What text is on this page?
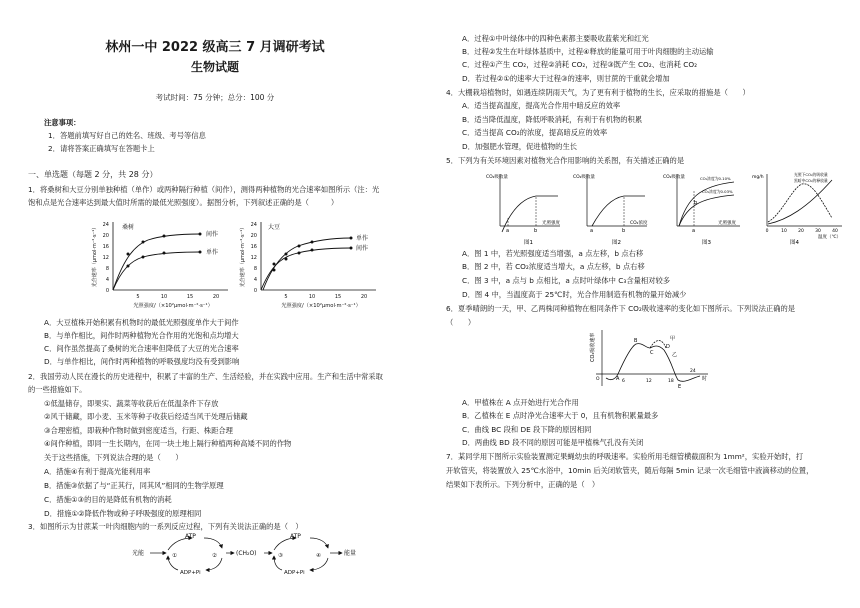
林州一中 2022 级高三 7 月调研考试
生物试题
考试时间：75 分钟；总分：100 分
注意事项：
1．答题前填写好自己的姓名、班级、考号等信息
2．请将答案正确填写在答题卡上
一、单选题（每题 2 分，共 28 分）
1．将桑树和大豆分别单独种植（单作）或两种隔行种植（间作），测得两种植物的光合速率如图所示（注：光
饱和点是光合速率达到最大值时所需的最低光照强度）。据图分析，下列叙述正确的是（　　　）
0
4
8
12
16
20
24
5	10	15	20
桑树
间作
单作
光合速率（μmol·m⁻²·s⁻¹）
光照强度/（×10²μmol·m⁻²·s⁻¹）
0
4
8
12
16
20
24
5	10	15	20
大豆
单作
间作
光合速率（μmol·m⁻²·s⁻¹）
光照强度/（×10²μmol·m⁻²·s⁻¹）
A．大豆植株开始积累有机物时的最低光照强度单作大于间作
B．与单作相比，间作时两种植物光合作用的光饱和点均增大
C．间作虽然提高了桑树的光合速率但降低了大豆的光合速率
D．与单作相比，间作时两种植物的呼吸强度均没有受到影响
2．我国劳动人民在漫长的历史进程中，积累了丰富的生产、生活经验，并在实践中应用。生产和生活中常采取
的一些措施如下。
①低温储存，即果实、蔬菜等收获后在低温条件下存放
②风干储藏，即小麦、玉米等种子收获后经适当风干处理后储藏
③合理密植，即栽种作物时做到密度适当，行距、株距合理
④间作种植，即同一生长期内，在同一块土地上隔行种植两种高矮不同的作物
关于这些措施，下列说法合理的是（　　）
A．措施④有利于提高光能利用率
B．措施③依据了与“正其行，同其风”相同的生物学原理
C．措施①③的目的是降低有机物的消耗
D．措施①②降低作物或种子呼吸强度的原理相同
3．如图所示为甘蔗某一叶肉细胞内的一系列反应过程，下列有关说法正确的是（　）
光能
ATP
ADP+Pi
①	②	(CH₂O)
ATP
ADP+Pi
③	④	能量
A．过程①中叶绿体中的四种色素都主要吸收蓝紫光和红光
B．过程②发生在叶绿体基质中，过程④释放的能量可用于叶肉细胞的主动运输
C．过程①产生 CO₂，过程②消耗 CO₂，过程③既产生 CO₂、也消耗 CO₂
D．若过程②①的速率大于过程③的速率，则甘蔗的干重就会增加
4．大棚栽培植物时，如遇连续阴雨天气，为了更有利于植物的生长，应采取的措施是（　　）
A．适当提高温度，提高光合作用中暗反应的效率
B．适当降低温度，降低呼吸消耗，有利于有机物的积累
C．适当提高 CO₂的浓度，提高暗反应的效率
D．加强肥水管理，促进植物的生长
5．下列为有关环境因素对植物光合作用影响的关系图，有关描述正确的是
a	b
CO₂吸收量
光照强度
图1
a	b
CO₂吸收量
CO₂浓度
图2
a
b
CO₂浓度为0.10%
CO₂浓度为0.03%
CO₂吸收量
光照强度
图3
光照下CO₂的吸收量
黑暗中CO₂的释放量
mg/h
0	10	20	30	40
温度（℃）
图4
A．图 1 中，若光照强度适当增强，a 点左移，b 点右移
B．图 2 中，若 CO₂浓度适当增大，a 点左移，b 点右移
C．图 3 中，a 点与 b 点相比，a 点时叶绿体中 C₃含量相对较多
D．图 4 中，当温度高于 25℃时，光合作用制造有机物的量开始减少
6．夏季晴朗的一天，甲、乙两株同种植物在相同条件下 CO₂吸收速率的变化如下图所示。下列说法正确的是
（　　）
CO₂吸收速率
O	时
A
B
C
D
E
甲
乙
6	12	18
24
A．甲植株在 A 点开始进行光合作用
B．乙植株在 E 点时净光合速率大于 0，且有机物积累量最多
C．曲线 BC 段和 DE 段下降的原因相同
D．两曲线 BD 段不同的原因可能是甲植株气孔没有关闭
7．某同学用下图所示实验装置测定果蝇幼虫的呼吸速率。实验所用毛细管横截面积为 1mm²，实验开始时，打
开软管夹，将装置放入 25℃水浴中，10min 后关闭软管夹，随后每隔 5min 记录一次毛细管中液滴移动的位置，
结果如下表所示。下列分析中，正确的是（　）
